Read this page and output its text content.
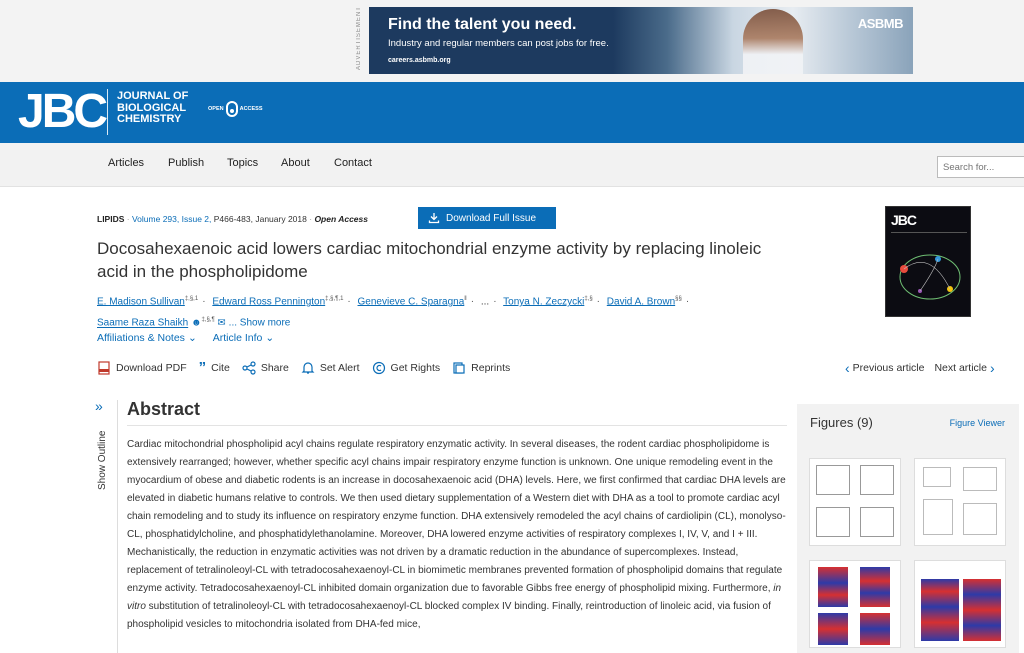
ADVERTISEMENT Find the talent you need.
Industry and regular members can post jobs for free.
careers.asbmb.org
ASBMB
JBC JOURNAL OF
BIOLOGICAL
CHEMISTRY
OPEN	ACCESS
Articles Publish Topics About Contact
Search for...
LIPIDS · Volume 293, Issue 2, P466-483, January 2018 · Open Access	Download Full Issue
Docosahexaenoic acid lowers cardiac mitochondrial enzyme activity by replacing linoleic acid in the phospholipidome
E. Madison Sullivan$^{\ddagger,\S,1}$ · Edward Ross Pennington$^{\ddagger,\S,\P,1}$ · Genevieve C. Sparagna‖ · ... · Tonya N. Zeczycki‡,§ · David A. Brown§§ ·
Saame Raza Shaikh ☻‡,§,¶ ✉ ... Show more
Affiliations & Notes ⌄ Article Info ⌄
Download PDF ” Cite	Share	Set Alert	Get Rights	Reprints	‹ Previous article Next article ›
JBC
»
Show Outline
Abstract

Cardiac mitochondrial phospholipid acyl chains regulate respiratory enzymatic activity. In several diseases, the rodent cardiac phospholipidome is extensively rearranged; however, whether specific acyl chains impair respiratory enzyme function is unknown. One unique remodeling event in the myocardium of obese and diabetic rodents is an increase in docosahexaenoic acid (DHA) levels. Here, we first confirmed that cardiac DHA levels are elevated in diabetic humans relative to controls. We then used dietary supplementation of a Western diet with DHA as a tool to promote cardiac acyl chain remodeling and to study its influence on respiratory enzyme function. DHA extensively remodeled the acyl chains of cardiolipin (CL), monolyso-CL, phosphatidylcholine, and phosphatidylethanolamine. Moreover, DHA lowered enzyme activities of respiratory complexes I, IV, V, and I + III. Mechanistically, the reduction in enzymatic activities was not driven by a dramatic reduction in the abundance of supercomplexes. Instead, replacement of tetralinoleoyl-CL with tetradocosahexaenoyl-CL in biomimetic membranes prevented formation of phospholipid domains that regulate enzyme activity. Tetradocosahexaenoyl-CL inhibited domain organization due to favorable Gibbs free energy of phospholipid mixing. Furthermore, in vitro substitution of tetralinoleoyl-CL with tetradocosahexaenoyl-CL blocked complex IV binding. Finally, reintroduction of linoleic acid, via fusion of phospholipid vesicles to mitochondria isolated from DHA-fed mice,

Figures (9)	Figure Viewer
